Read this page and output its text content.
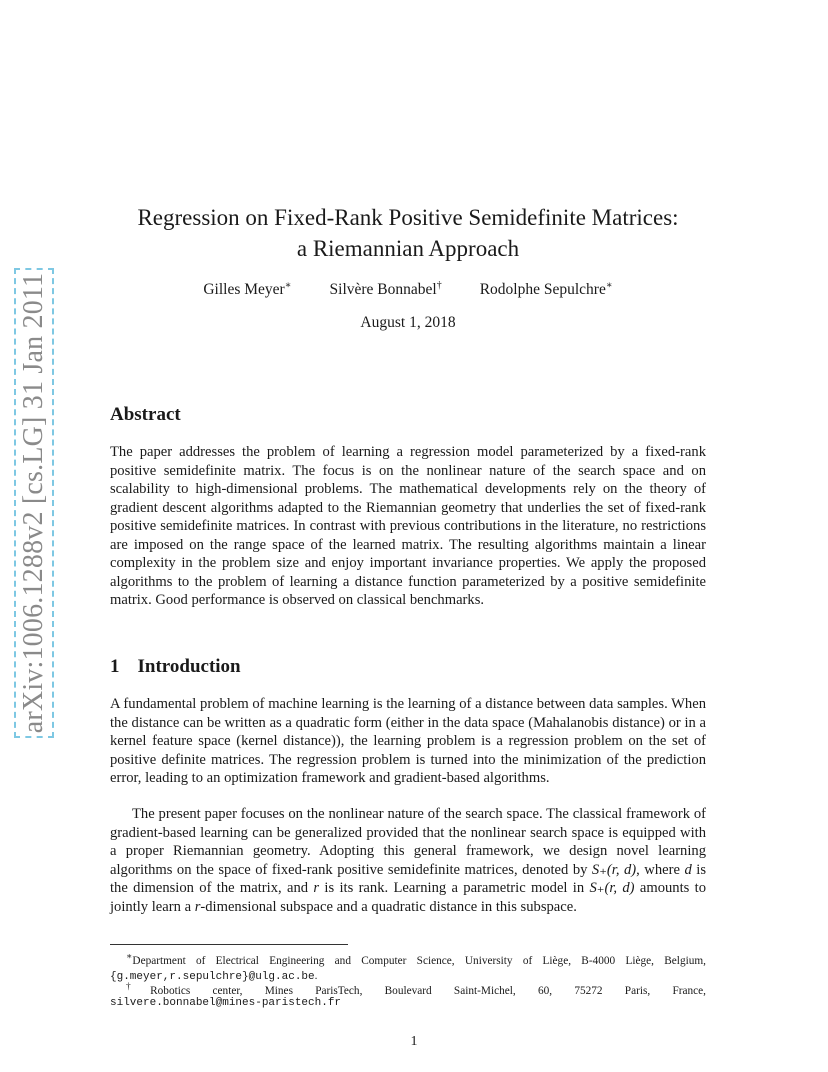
arXiv:1006.1288v2 [cs.LG] 31 Jan 2011
Regression on Fixed-Rank Positive Semidefinite Matrices:
a Riemannian Approach
Gilles Meyer∗ Silvère Bonnabel† Rodolphe Sepulchre∗
August 1, 2018
Abstract
The paper addresses the problem of learning a regression model parameterized by a fixed-rank positive semidefinite matrix. The focus is on the nonlinear nature of the search space and on scalability to high-dimensional problems. The mathematical developments rely on the theory of gradient descent algorithms adapted to the Riemannian geometry that underlies the set of fixed-rank positive semidefinite matrices. In contrast with previous contributions in the literature, no restrictions are imposed on the range space of the learned matrix. The resulting algorithms maintain a linear complexity in the problem size and enjoy important invariance properties. We apply the proposed algorithms to the problem of learning a distance function parameterized by a positive semidefinite matrix. Good performance is observed on classical benchmarks.
1 Introduction
A fundamental problem of machine learning is the learning of a distance between data samples. When the distance can be written as a quadratic form (either in the data space (Mahalanobis distance) or in a kernel feature space (kernel distance)), the learning problem is a regression problem on the set of positive definite matrices. The regression problem is turned into the minimization of the prediction error, leading to an optimization framework and gradient-based algorithms.
The present paper focuses on the nonlinear nature of the search space. The classical framework of gradient-based learning can be generalized provided that the nonlinear search space is equipped with a proper Riemannian geometry. Adopting this general framework, we design novel learning algorithms on the space of fixed-rank positive semidefinite matrices, denoted by S₊(r, d), where d is the dimension of the matrix, and r is its rank. Learning a parametric model in S₊(r, d) amounts to jointly learn a r-dimensional subspace and a quadratic distance in this subspace.
∗Department of Electrical Engineering and Computer Science, University of Liège, B-4000 Liège, Belgium, {g.meyer,r.sepulchre}@ulg.ac.be.
†Robotics center, Mines ParisTech, Boulevard Saint-Michel, 60, 75272 Paris, France,
silvere.bonnabel@mines-paristech.fr
1
